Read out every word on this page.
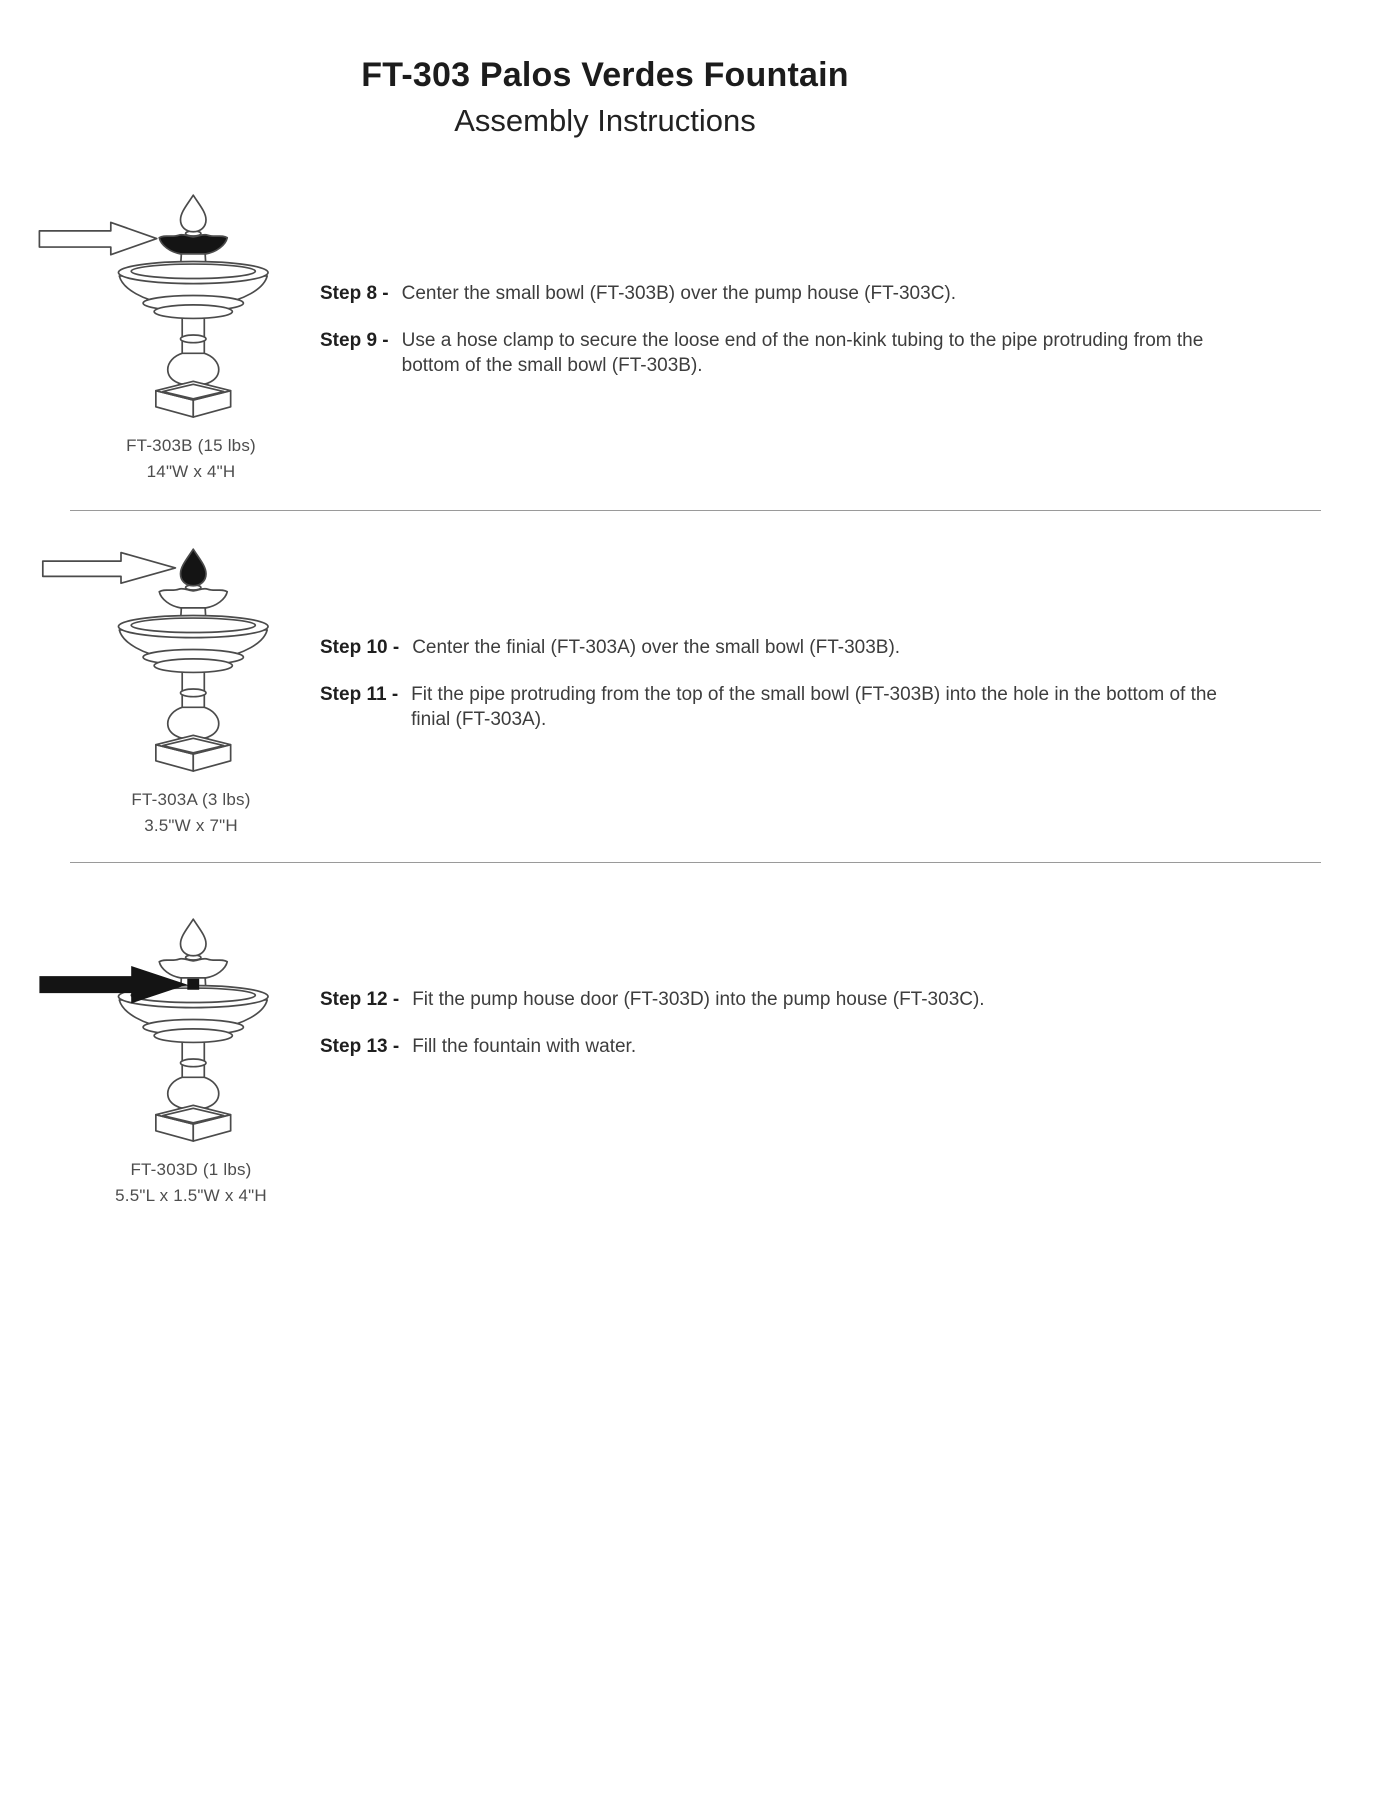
FT-303 Palos Verdes Fountain
Assembly Instructions
FT-303B (15 lbs)
14"W x 4"H
Step 8 - Center the small bowl (FT-303B) over the pump house (FT-303C).
Step 9 - Use a hose clamp to secure the loose end of the non-kink tubing to the pipe protruding from the bottom of the small bowl (FT-303B).
FT-303A (3 lbs)
3.5"W x 7"H
Step 10 - Center the finial (FT-303A) over the small bowl (FT-303B).
Step 11 - Fit the pipe protruding from the top of the small bowl (FT-303B) into the hole in the bottom of the finial (FT-303A).
FT-303D (1 lbs)
5.5"L x 1.5"W x 4"H
Step 12 - Fit the pump house door (FT-303D) into the pump house (FT-303C).
Step 13 - Fill the fountain with water.
